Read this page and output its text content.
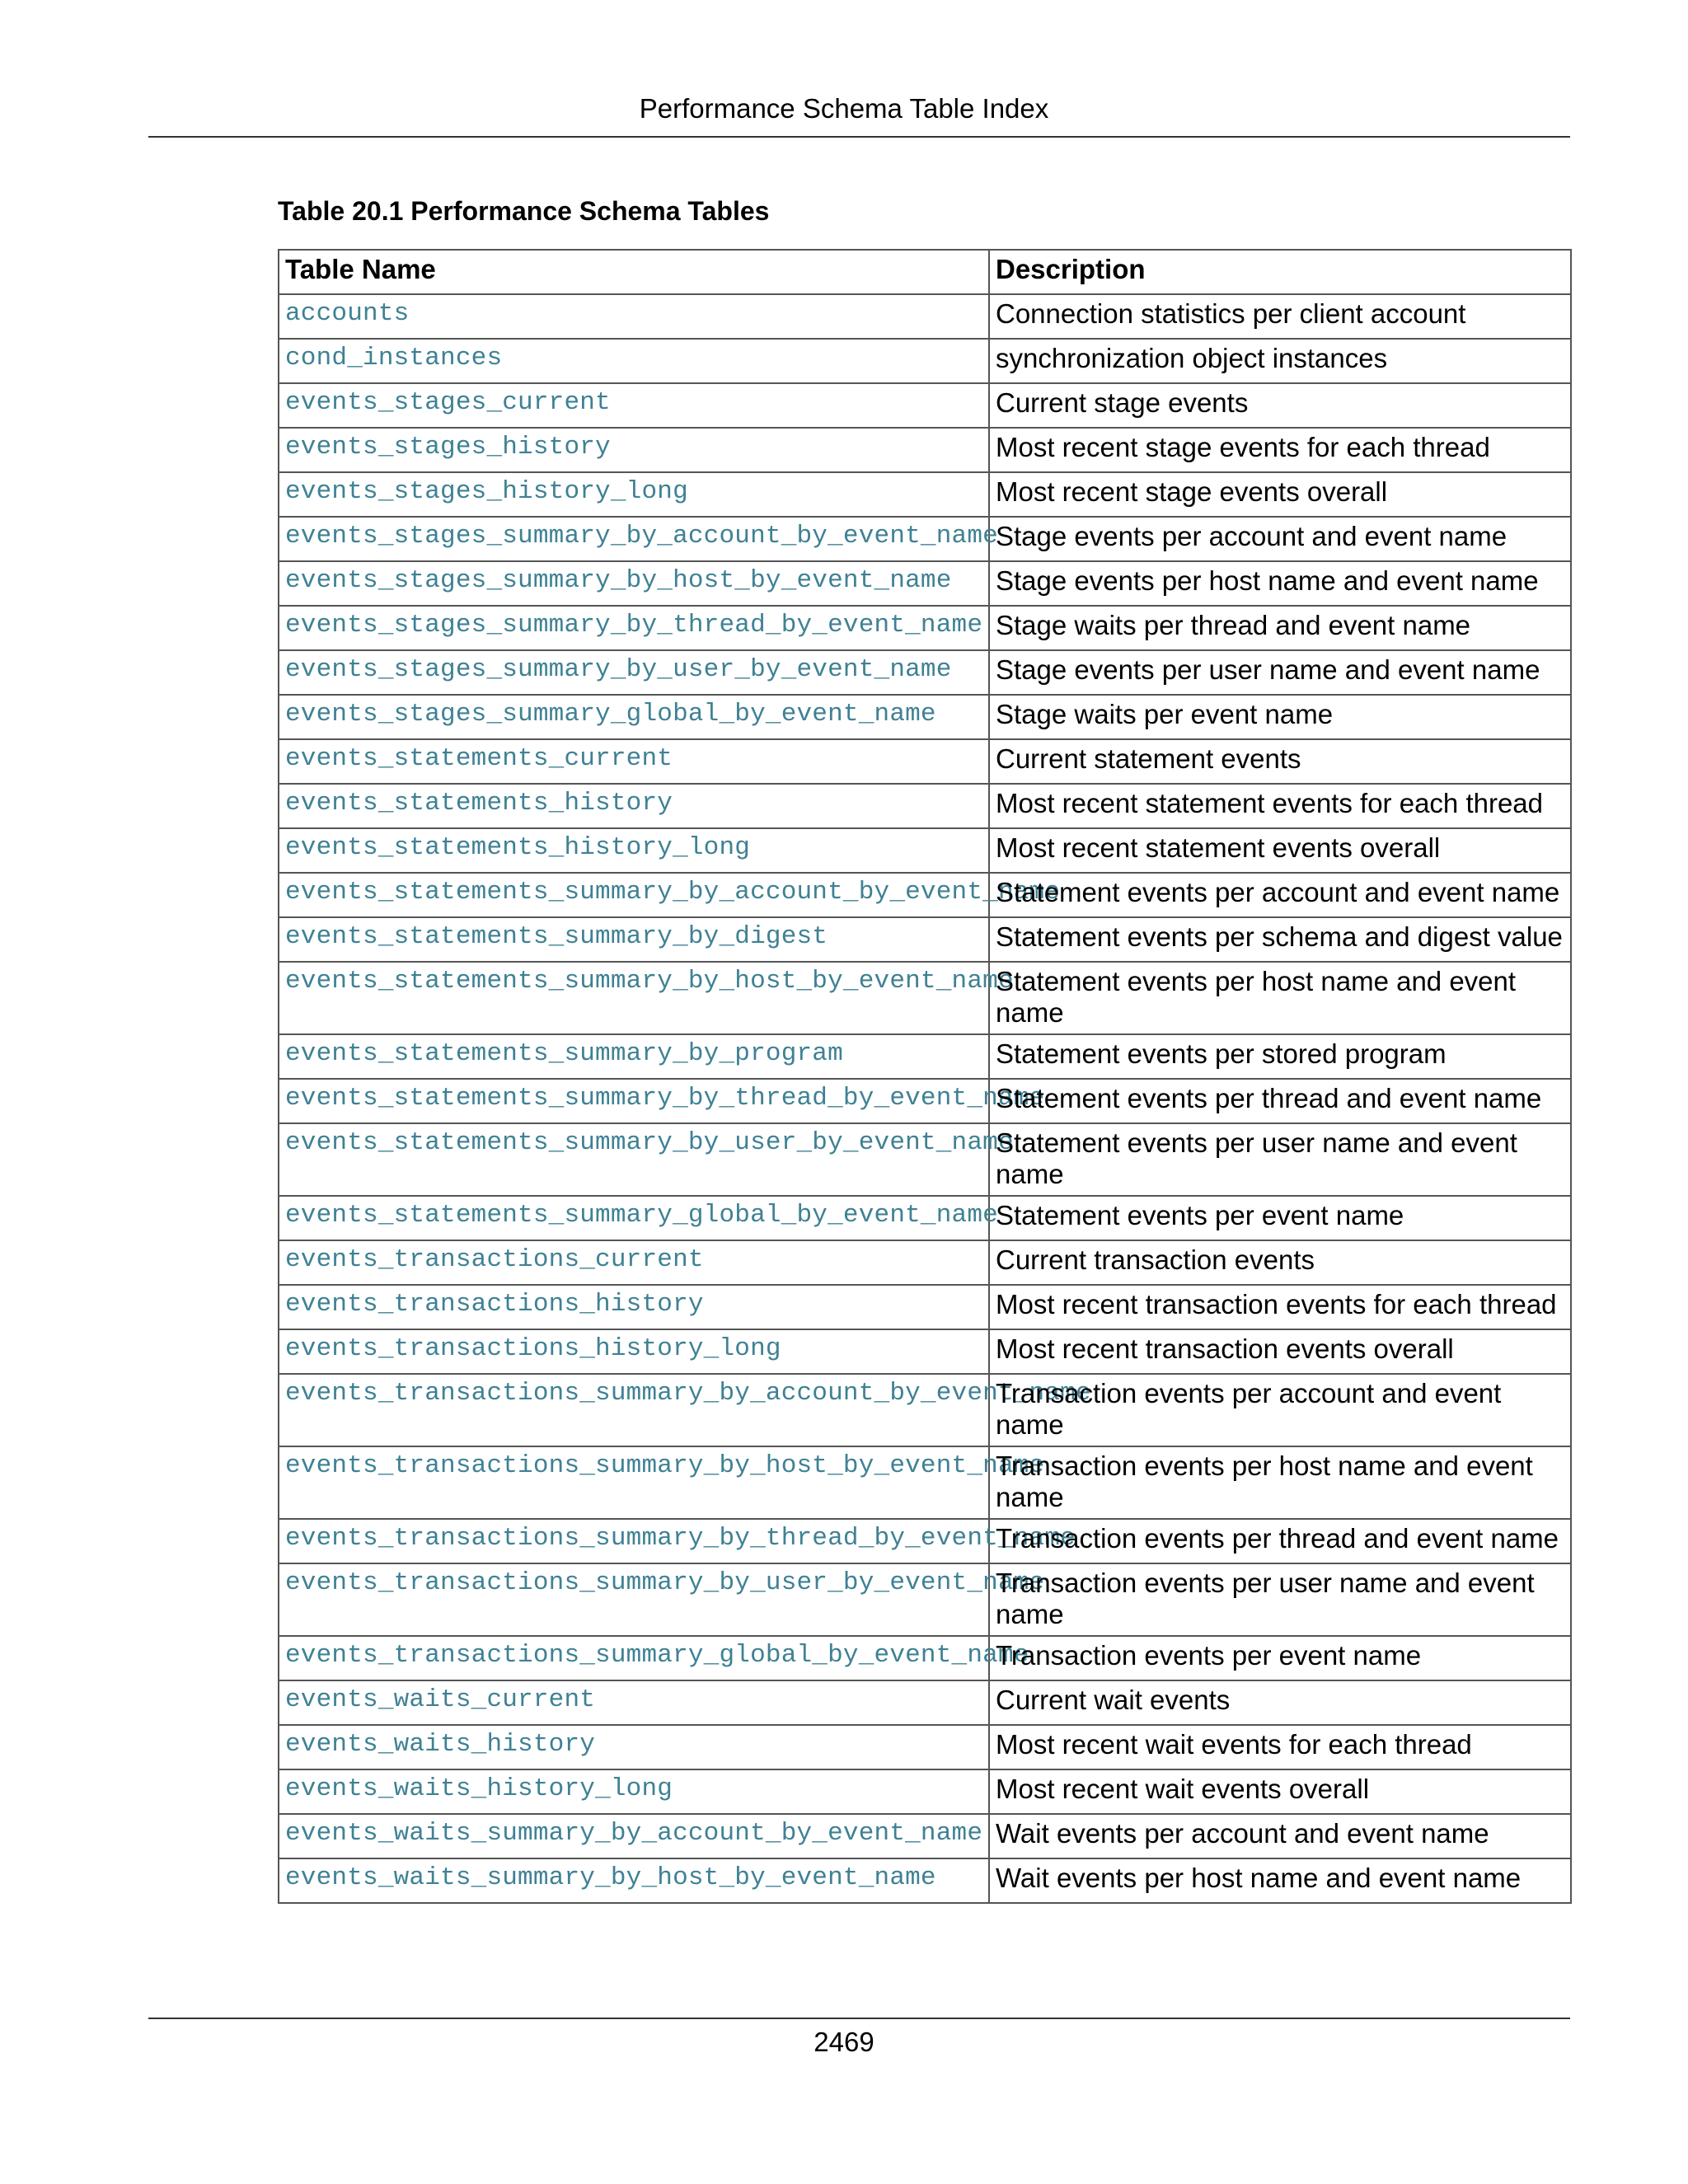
Performance Schema Table Index
Table 20.1 Performance Schema Tables
Table Name	Description
accounts	Connection statistics per client account
cond_instances	synchronization object instances
events_stages_current	Current stage events
events_stages_history	Most recent stage events for each thread
events_stages_history_long	Most recent stage events overall
events_stages_summary_by_account_by_event_name	Stage events per account and event name
events_stages_summary_by_host_by_event_name	Stage events per host name and event name
events_stages_summary_by_thread_by_event_name	Stage waits per thread and event name
events_stages_summary_by_user_by_event_name	Stage events per user name and event name
events_stages_summary_global_by_event_name	Stage waits per event name
events_statements_current	Current statement events
events_statements_history	Most recent statement events for each thread
events_statements_history_long	Most recent statement events overall
events_statements_summary_by_account_by_event_name	Statement events per account and event name
events_statements_summary_by_digest	Statement events per schema and digest value
events_statements_summary_by_host_by_event_name	Statement events per host name and event name
events_statements_summary_by_program	Statement events per stored program
events_statements_summary_by_thread_by_event_name	Statement events per thread and event name
events_statements_summary_by_user_by_event_name	Statement events per user name and event name
events_statements_summary_global_by_event_name	Statement events per event name
events_transactions_current	Current transaction events
events_transactions_history	Most recent transaction events for each thread
events_transactions_history_long	Most recent transaction events overall
events_transactions_summary_by_account_by_event_name	Transaction events per account and event name
events_transactions_summary_by_host_by_event_name	Transaction events per host name and event name
events_transactions_summary_by_thread_by_event_name	Transaction events per thread and event name
events_transactions_summary_by_user_by_event_name	Transaction events per user name and event name
events_transactions_summary_global_by_event_name	Transaction events per event name
events_waits_current	Current wait events
events_waits_history	Most recent wait events for each thread
events_waits_history_long	Most recent wait events overall
events_waits_summary_by_account_by_event_name	Wait events per account and event name
events_waits_summary_by_host_by_event_name	Wait events per host name and event name
2469
